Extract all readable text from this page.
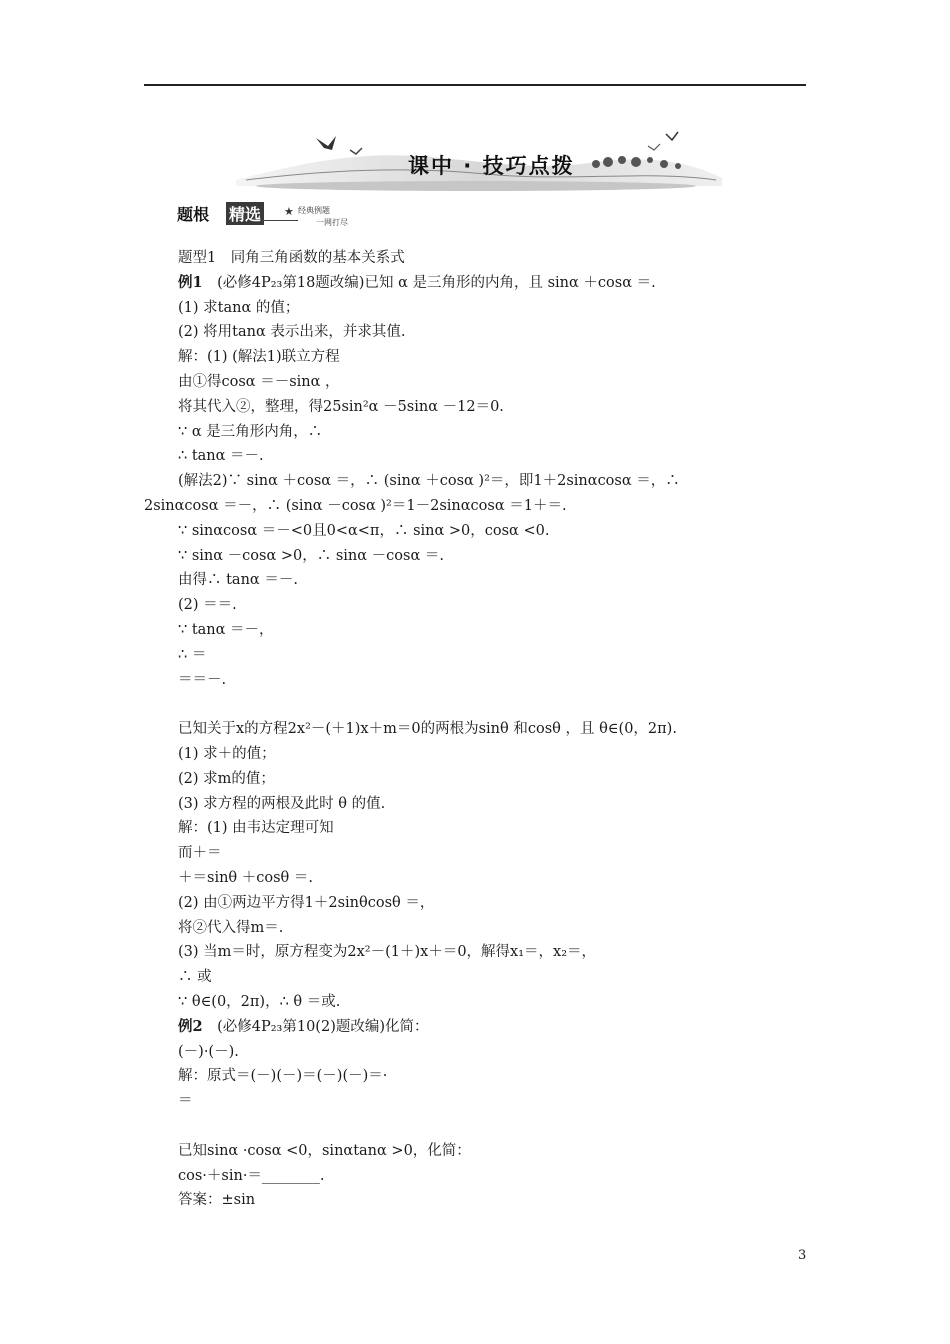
课中 · 技巧点拨
题根 精选 ★ 经典例题
一网打尽
题型1　同角三角函数的基本关系式
例1　(必修4P₂₃第18题改编)已知 α 是三角形的内角，且 sinα ＋cosα ＝.
(1) 求tanα 的值；
(2) 将用tanα 表示出来，并求其值.
解：(1) (解法1)联立方程
由①得cosα ＝－sinα ，
将其代入②，整理，得25sin²α －5sinα －12＝0.
∵ α 是三角形内角，∴
∴ tanα ＝－.
(解法2)∵ sinα ＋cosα ＝，∴ (sinα ＋cosα )²＝，即1＋2sinαcosα ＝，∴
2sinαcosα ＝－，∴ (sinα －cosα )²＝1－2sinαcosα ＝1＋＝.
∵ sinαcosα ＝－<0且0<α<π，∴ sinα >0，cosα <0.
∵ sinα －cosα >0，∴ sinα －cosα ＝.
由得∴ tanα ＝－.
(2) ＝＝.
∵ tanα ＝－，
∴ ＝
＝＝－.
已知关于x的方程2x²－(＋1)x＋m＝0的两根为sinθ 和cosθ ，且 θ∈(0，2π).
(1) 求＋的值；
(2) 求m的值；
(3) 求方程的两根及此时 θ 的值.
解：(1) 由韦达定理可知
而＋＝
＋＝sinθ ＋cosθ ＝.
(2) 由①两边平方得1＋2sinθcosθ ＝，
将②代入得m＝.
(3) 当m＝时，原方程变为2x²－(1＋)x＋＝0，解得x₁＝，x₂＝，
∴ 或
∵ θ∈(0，2π)，∴ θ ＝或.
例2　(必修4P₂₃第10(2)题改编)化简：
(－)·(－).
解：原式＝(－)(－)＝(－)(－)＝·
＝
已知sinα ·cosα <0，sinαtanα >0，化简：
cos·＋sin·＝________.
答案：±sin
3
